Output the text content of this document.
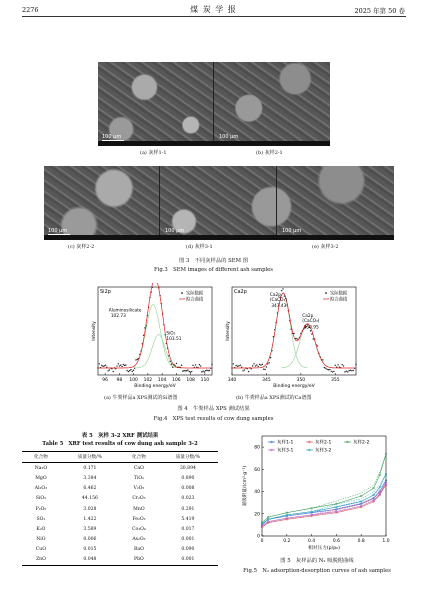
2276	煤 炭 学 报	2025 年第 50 卷
100 μm	100 μm
(a) 灰样1-1	(b) 灰样2-1
100 μm	100 μm	100 μm
(c) 灰样2-2	(d) 灰样3-1	(e) 灰样3-2
图 3　不同灰样品的 SEM 图
Fig.3　SEM images of different ash samples
Si2p
96 98 100 102 104 106 108 110
Binding energy/eV
Intensity
实际数据
拟合曲线
Aluminosilicate
102.73
SiO₂
103.51
Ca2p
340	345	350	355
Binding energy/eV
Intensity
实际数据
拟合曲线
Ca2p
(CaCO₃)
347.43
Ca2p
(CaCO₃)
350.95
(a) 牛粪样品a XPS测试的Si谱图	(b) 牛粪样品a XPS测试的Ca谱图
图 4　牛粪样品 XPS 测试结果
Fig.4　XPS test results of cow dung samples
表 5　灰样 3-2 XRF 测试结果
Table 5　XRF test results of cow dung ash sample 3-2
化合物	质量分数/%	化合物	质量分数/%
Na₂O	0.171	CaO	30.894
MgO	3.384	TiO₂	0.890
Al₂O₃	6.462	V₂O₅	0.008
SiO₂	44.156	Cr₂O₃	0.023
P₂O₅	3.028	MnO	0.291
SO₃	1.422	Fe₂O₃	5.419
K₂O	3.589	Co₃O₄	0.017
NiO	0.006	As₂O₃	0.001
CuO	0.015	BaO	0.090
ZnO	0.048	PbO	0.001
0	0.2	0.4	0.6	0.8	1.0
0
20
40
60
80
相对压力(p/p₀)
氮吸附量/(cm³·g⁻¹)
灰样1-1	灰样2-1	灰样2-2
灰样3-1	灰样3-2
图 5　灰样品的 N₂ 吸脱附曲线
Fig.5　N₂ adsorption-desorption curves of ash samples
